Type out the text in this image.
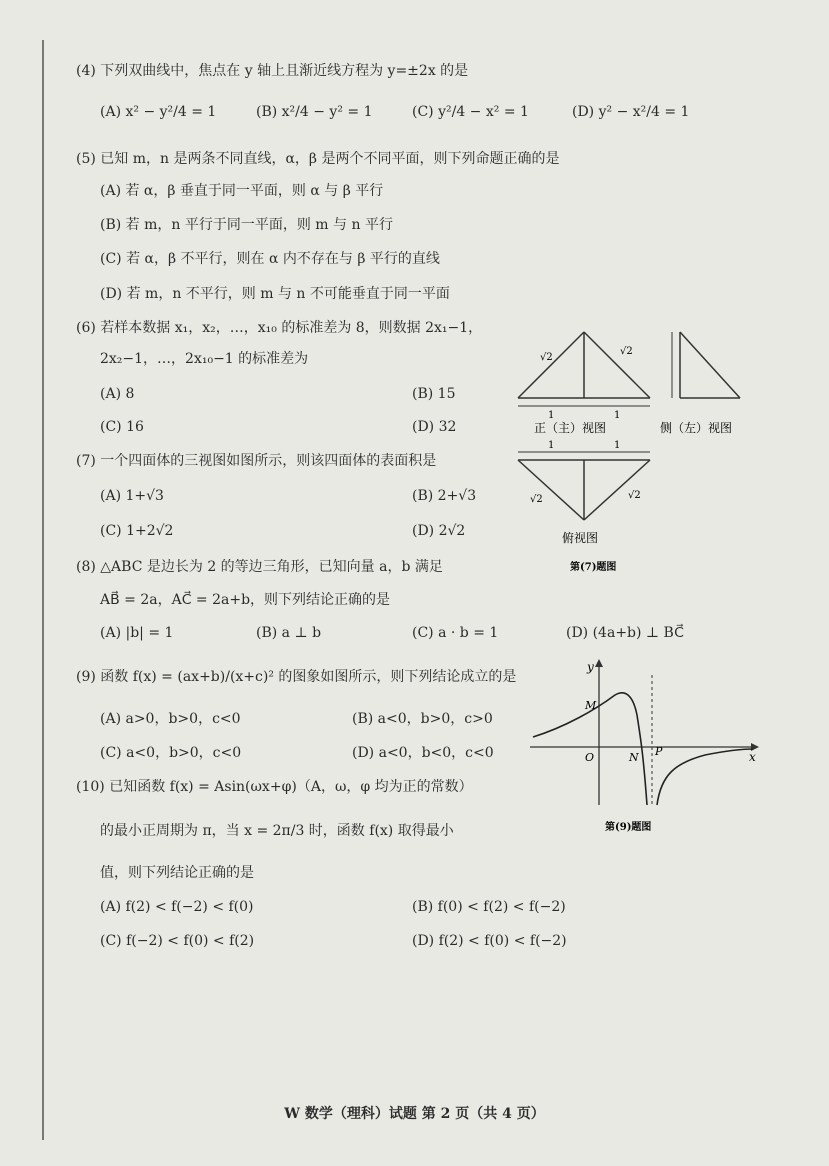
(4) 下列双曲线中，焦点在 y 轴上且渐近线方程为 y=±2x 的是
(A) x² − y²/4 = 1	(B) x²/4 − y² = 1	(C) y²/4 − x² = 1	(D) y² − x²/4 = 1
(5) 已知 m，n 是两条不同直线，α，β 是两个不同平面，则下列命题正确的是
(A) 若 α，β 垂直于同一平面，则 α 与 β 平行
(B) 若 m，n 平行于同一平面，则 m 与 n 平行
(C) 若 α，β 不平行，则在 α 内不存在与 β 平行的直线
(D) 若 m，n 不平行，则 m 与 n 不可能垂直于同一平面
(6) 若样本数据 x₁，x₂，…，x₁₀ 的标准差为 8，则数据 2x₁−1，
2x₂−1，…，2x₁₀−1 的标准差为
(A) 8	(B) 15
(C) 16	(D) 32
(7) 一个四面体的三视图如图所示，则该四面体的表面积是
(A) 1+√3	(B) 2+√3
(C) 1+2√2	(D) 2√2
1	1
√2
√2
正（主）视图	侧（左）视图
1	1
√2	√2
俯视图
第(7)题图
(8) △ABC 是边长为 2 的等边三角形，已知向量 a，b 满足
AB⃗ = 2a，AC⃗ = 2a+b，则下列结论正确的是
(A) |b| = 1	(B) a ⊥ b	(C) a · b = 1	(D) (4a+b) ⊥ BC⃗
(9) 函数 f(x) = (ax+b)/(x+c)² 的图象如图所示，则下列结论成立的是
(A) a>0，b>0，c<0	(B) a<0，b>0，c>0
(C) a<0，b>0，c<0	(D) a<0，b<0，c<0
y
x
O
M
N P
第(9)题图
(10) 已知函数 f(x) = Asin(ωx+φ)（A，ω，φ 均为正的常数）
的最小正周期为 π，当 x = 2π/3 时，函数 f(x) 取得最小
值，则下列结论正确的是
(A) f(2) < f(−2) < f(0)	(B) f(0) < f(2) < f(−2)
(C) f(−2) < f(0) < f(2)	(D) f(2) < f(0) < f(−2)
W 数学（理科）试题 第 2 页（共 4 页）
